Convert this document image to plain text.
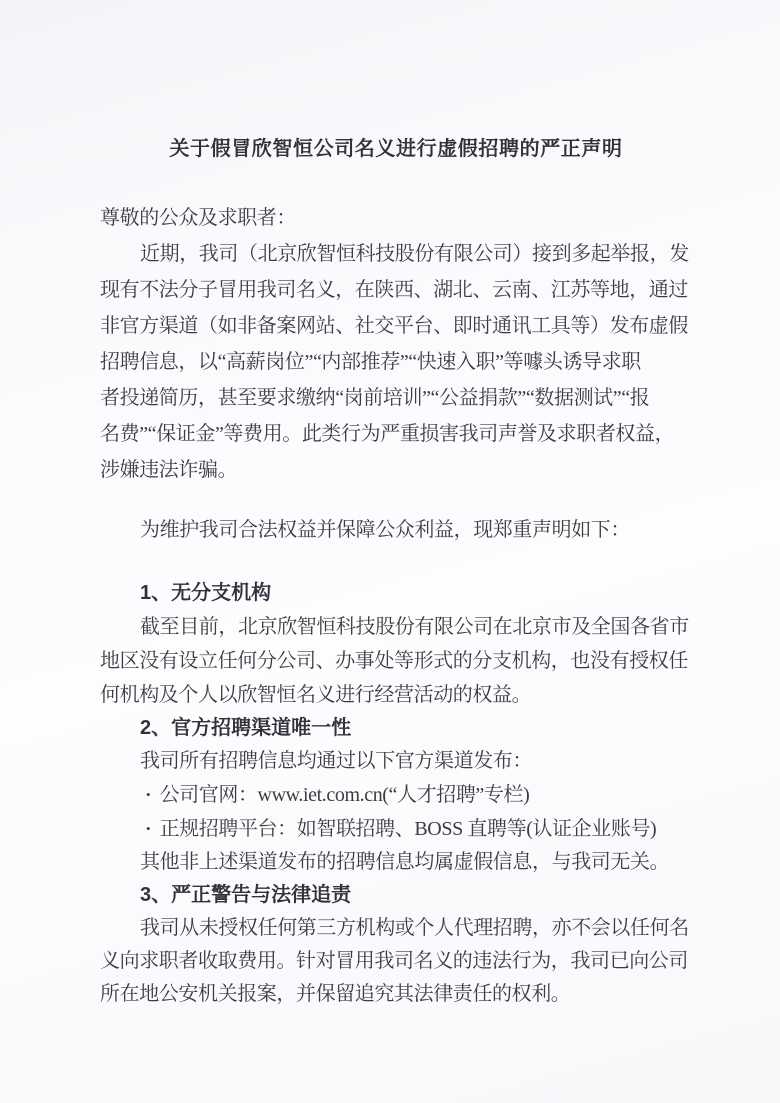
关于假冒欣智恒公司名义进行虚假招聘的严正声明

尊敬的公众及求职者：

近期，我司（北京欣智恒科技股份有限公司）接到多起举报，发

现有不法分子冒用我司名义，在陕西、湖北、云南、江苏等地，通过

非官方渠道（如非备案网站、社交平台、即时通讯工具等）发布虚假

招聘信息，以“高薪岗位”“内部推荐”“快速入职”等噱头诱导求职

者投递简历，甚至要求缴纳“岗前培训”“公益捐款”“数据测试”“报

名费”“保证金”等费用。此类行为严重损害我司声誉及求职者权益，

涉嫌违法诈骗。

为维护我司合法权益并保障公众利益，现郑重声明如下：

1、无分支机构

截至目前，北京欣智恒科技股份有限公司在北京市及全国各省市

地区没有设立任何分公司、办事处等形式的分支机构，也没有授权任

何机构及个人以欣智恒名义进行经营活动的权益。

2、官方招聘渠道唯一性

我司所有招聘信息均通过以下官方渠道发布：

• 公司官网：www.iet.com.cn(“人才招聘”专栏)

• 正规招聘平台：如智联招聘、BOSS 直聘等(认证企业账号)

其他非上述渠道发布的招聘信息均属虚假信息，与我司无关。

3、严正警告与法律追责

我司从未授权任何第三方机构或个人代理招聘，亦不会以任何名

义向求职者收取费用。针对冒用我司名义的违法行为，我司已向公司

所在地公安机关报案，并保留追究其法律责任的权利。
